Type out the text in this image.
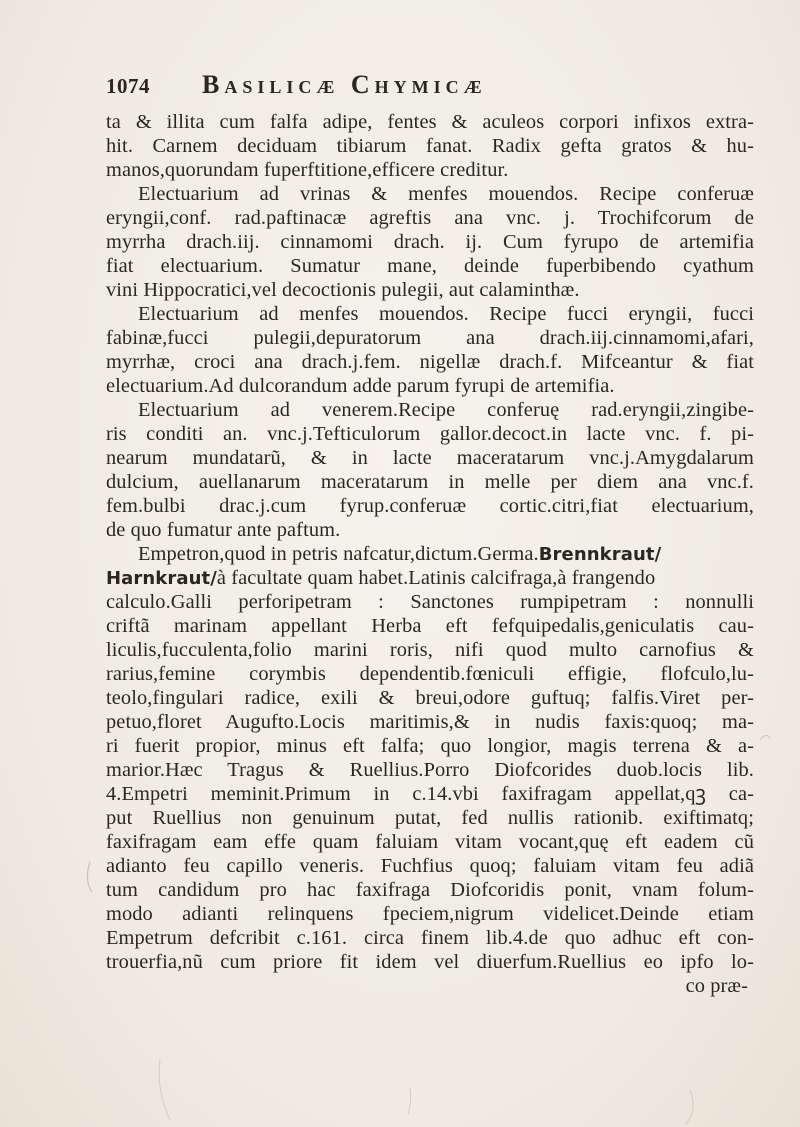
1074 Basilicæ Chymicæ
ta & illita cum falfa adipe, fentes & aculeos corpori infixos extra-
hit. Carnem deciduam tibiarum fanat. Radix gefta gratos & hu-
manos,quorundam fuperftitione,efficere creditur.
Electuarium ad vrinas & menfes mouendos. Recipe conferuæ
eryngii,conf. rad.paftinacæ agreftis ana vnc. j. Trochifcorum de
myrrha drach.iij. cinnamomi drach. ij. Cum fyrupo de artemifia
fiat electuarium. Sumatur mane, deinde fuperbibendo cyathum
vini Hippocratici,vel decoctionis pulegii, aut calaminthæ.
Electuarium ad menfes mouendos. Recipe fucci eryngii, fucci
fabinæ,fucci pulegii,depuratorum ana drach.iij.cinnamomi,afari,
myrrhæ, croci ana drach.j.fem. nigellæ drach.f. Mifceantur & fiat
electuarium.Ad dulcorandum adde parum fyrupi de artemifia.
Electuarium ad venerem.Recipe conferuę rad.eryngii,zingibe-
ris conditi an. vnc.j.Tefticulorum gallor.decoct.in lacte vnc. f. pi-
nearum mundatarũ, & in lacte maceratarum vnc.j.Amygdalarum
dulcium, auellanarum maceratarum in melle per diem ana vnc.f.
fem.bulbi drac.j.cum fyrup.conferuæ cortic.citri,fiat electuarium,
de quo fumatur ante paftum.
Empetron,quod in petris nafcatur,dictum.Germa.Brennkraut/
Harnkraut/à facultate quam habet.Latinis calcifraga,à frangendo
calculo.Galli perforipetram : Sanctones rumpipetram : nonnulli
criftã marinam appellant Herba eft fefquipedalis,geniculatis cau-
liculis,fucculenta,folio marini roris, nifi quod multo carnofius &
rarius,femine corymbis dependentib.fœniculi effigie, flofculo,lu-
teolo,fingulari radice, exili & breui,odore guftuq; falfis.Viret per-
petuo,floret Augufto.Locis maritimis,& in nudis faxis:quoq; ma-
ri fuerit propior, minus eft falfa; quo longior, magis terrena & a-
marior.Hæc Tragus & Ruellius.Porro Diofcorides duob.locis lib.
4.Empetri meminit.Primum in c.14.vbi faxifragam appellat,qꝫ ca-
put Ruellius non genuinum putat, fed nullis rationib. exiftimatq;
faxifragam eam effe quam faluiam vitam vocant,quę eft eadem cũ
adianto feu capillo veneris. Fuchfius quoq; faluiam vitam feu adiã
tum candidum pro hac faxifraga Diofcoridis ponit, vnam folum-
modo adianti relinquens fpeciem,nigrum videlicet.Deinde etiam
Empetrum defcribit c.161. circa finem lib.4.de quo adhuc eft con-
trouerfia,nũ cum priore fit idem vel diuerfum.Ruellius eo ipfo lo-
co præ-
